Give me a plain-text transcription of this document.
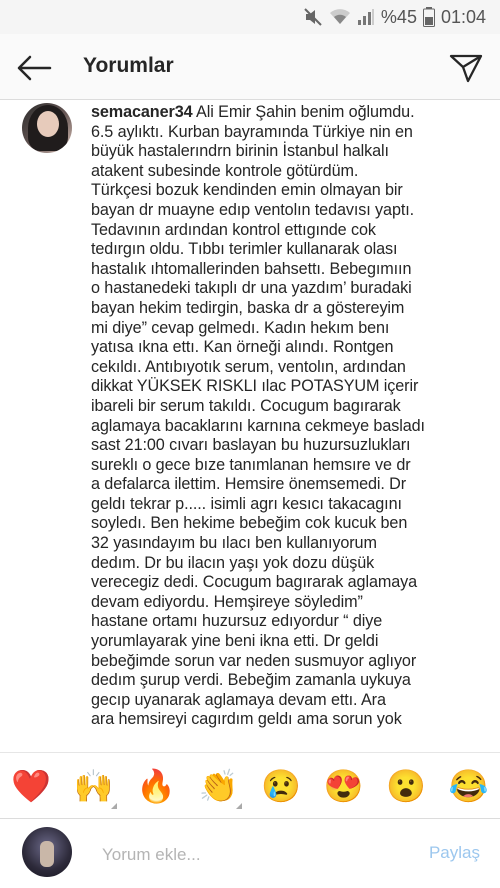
%45 01:04
Yorumlar
semacaner34 Ali Emir Şahin benim oğlumdu.
6.5 aylıktı. Kurban bayramında Türkiye nin en
büyük hastalerındrn birinin İstanbul halkalı
atakent subesinde kontrole götürdüm.
Türkçesi bozuk kendinden emin olmayan bir
bayan dr muayne edıp ventolın tedavısı yaptı.
Tedavının ardından kontrol ettıgınde cok
tedırgın oldu. Tıbbı terimler kullanarak olası
hastalık ıhtomallerinden bahsettı. Bebegımıın
o hastanedeki takıplı dr una yazdım’ buradaki
bayan hekim tedirgin, baska dr a göstereyim
mi diye” cevap gelmedı. Kadın hekım benı
yatısa ıkna ettı. Kan örneği alındı. Rontgen
cekıldı. Antıbıyotık serum, ventolın, ardından
dikkat YÜKSEK RISKLI ılac POTASYUM içerir
ibareli bir serum takıldı. Cocugum bagırarak
aglamaya bacaklarını karnına cekmeye basladı
sast 21:00 cıvarı baslayan bu huzursuzlukları
sureklı o gece bıze tanımlanan hemsıre ve dr
a defalarca ilettim. Hemsire önemsemedi. Dr
geldı tekrar p..... isimli agrı kesıcı takacagını
soyledı. Ben hekime bebeğim cok kucuk ben
32 yasındayım bu ılacı ben kullanıyorum
dedım. Dr bu ilacın yaşı yok dozu düşük
verecegiz dedi. Cocugum bagırarak aglamaya
devam ediyordu. Hemşireye söyledim”
hastane ortamı huzursuz edıyordur “ diye
yorumlayarak yine beni ikna etti. Dr geldi
bebeğimde sorun var neden susmuyor aglıyor
dedım şurup verdi. Bebeğim zamanla uykuya
gecıp uyanarak aglamaya devam ettı. Ara
ara hemsireyi cagırdım geldı ama sorun yok
❤️ 🙌 🔥 👏 😢 😍 😮 😂
Yorum ekle...
Paylaş
